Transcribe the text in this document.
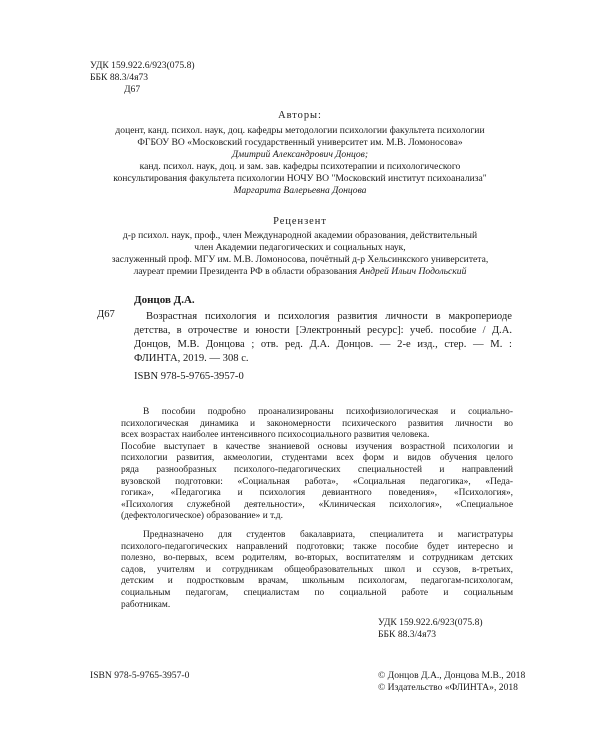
УДК 159.922.6/923(075.8)
ББК 88.3/4я73
Д67
Авторы:
доцент, канд. психол. наук, доц. кафедры методологии психологии факультета психологии
ФГБОУ ВО «Московский государственный университет им. М.В. Ломоносова»
Дмитрий Александрович Донцов;
канд. психол. наук, доц. и зам. зав. кафедры психотерапии и психологического
консультирования факультета психологии НОЧУ ВО "Московский институт психоанализа"
Маргарита Валерьевна Донцова
Рецензент
д-р психол. наук, проф., член Международной академии образования, действительный
член Академии педагогических и социальных наук,
заслуженный проф. МГУ им. М.В. Ломоносова, почётный д-р Хельсинкского университета,
лауреат премии Президента РФ в области образования Андрей Ильич Подольский
Донцов Д.А.
Д67	Возрастная психология и психология развития личности в макропериоде
детства, в отрочестве и юности [Электронный ресурс]: учеб. пособие / Д.А.
Донцов, М.В. Донцова ; отв. ред. Д.А. Донцов. — 2-е изд., стер. — М. :
ФЛИНТА, 2019. — 308 с.
ISBN 978-5-9765-3957-0
В пособии подробно проанализированы психофизиологическая и социально-
психологическая динамика и закономерности психического развития личности во
всех возрастах наиболее интенсивного психосоциального развития человека.
Пособие выступает в качестве знаниевой основы изучения возрастной психологии и
психологии развития, акмеологии, студентами всех форм и видов обучения целого
ряда разнообразных психолого-педагогических специальностей и направлений
вузовской подготовки: «Социальная работа», «Социальная педагогика», «Педа-
гогика», «Педагогика и психология девиантного поведения», «Психология»,
«Психология служебной деятельности», «Клиническая психология», «Специальное
(дефектологическое) образование» и т.д.
Предназначено для студентов бакалавриата, специалитета и магистратуры
психолого-педагогических направлений подготовки; также пособие будет интересно и
полезно, во-первых, всем родителям, во-вторых, воспитателям и сотрудникам детских
садов, учителям и сотрудникам общеобразовательных школ и ссузов, в-третьих,
детским и подростковым врачам, школьным психологам, педагогам-психологам,
социальным педагогам, специалистам по социальной работе и социальным
работникам.
УДК 159.922.6/923(075.8)
ББК 88.3/4я73
ISBN 978-5-9765-3957-0	© Донцов Д.А., Донцова М.В., 2018
© Издательство «ФЛИНТА», 2018
